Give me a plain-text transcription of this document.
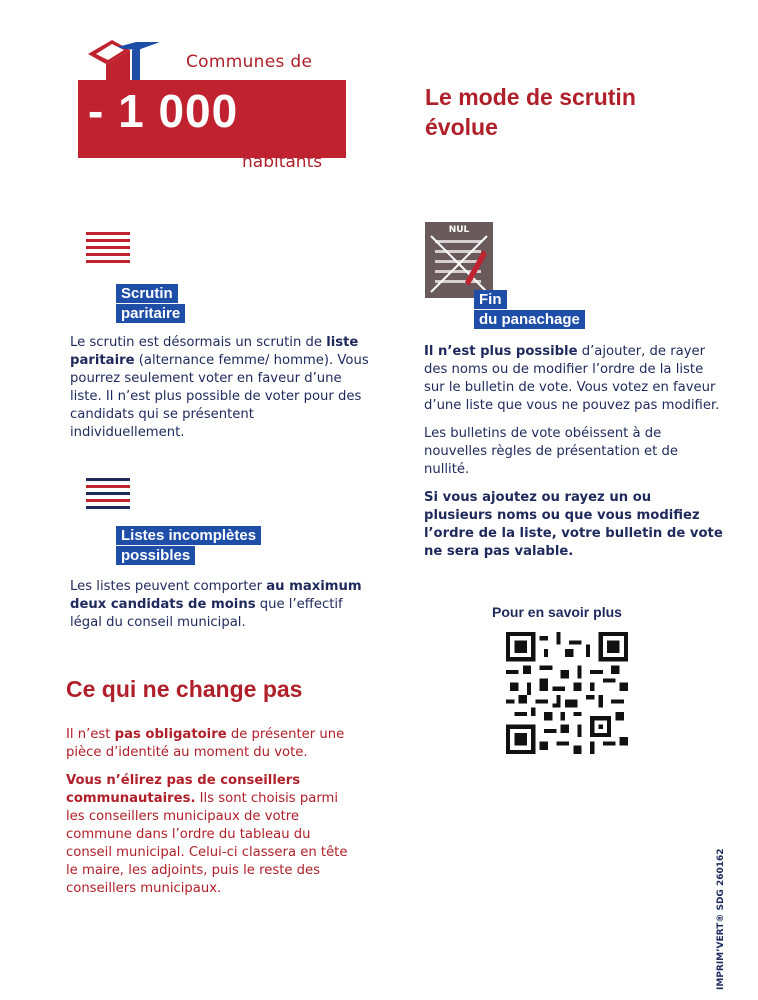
Communes de
- 1 000
habitants
Le mode de scrutin évolue
Scrutin
paritaire
Le scrutin est désormais un scrutin de liste paritaire (alternance femme/ homme). Vous pourrez seulement voter en faveur d’une liste. Il n’est plus possible de voter pour des candidats qui se présentent individuellement.
Listes incomplètes
possibles
Les listes peuvent comporter au maximum deux candidats de moins que l’effectif légal du conseil municipal.
Ce qui ne change pas

Il n’est pas obligatoire de présenter une pièce d’identité au moment du vote.

Vous n’élirez pas de conseillers communautaires. Ils sont choisis parmi les conseillers municipaux de votre commune dans l’ordre du tableau du conseil municipal. Celui-ci classera en tête le maire, les adjoints, puis le reste des conseillers municipaux.

NUL
Fin
du panachage

Il n’est plus possible d’ajouter, de rayer des noms ou de modifier l’ordre de la liste sur le bulletin de vote. Vous votez en faveur d’une liste que vous ne pouvez pas modifier.

Les bulletins de vote obéissent à de nouvelles règles de présentation et de nullité.

Si vous ajoutez ou rayez un ou plusieurs noms ou que vous modifiez l’ordre de la liste, votre bulletin de vote ne sera pas valable.

Pour en savoir plus
IMPRIM’VERT® SDG 260162
